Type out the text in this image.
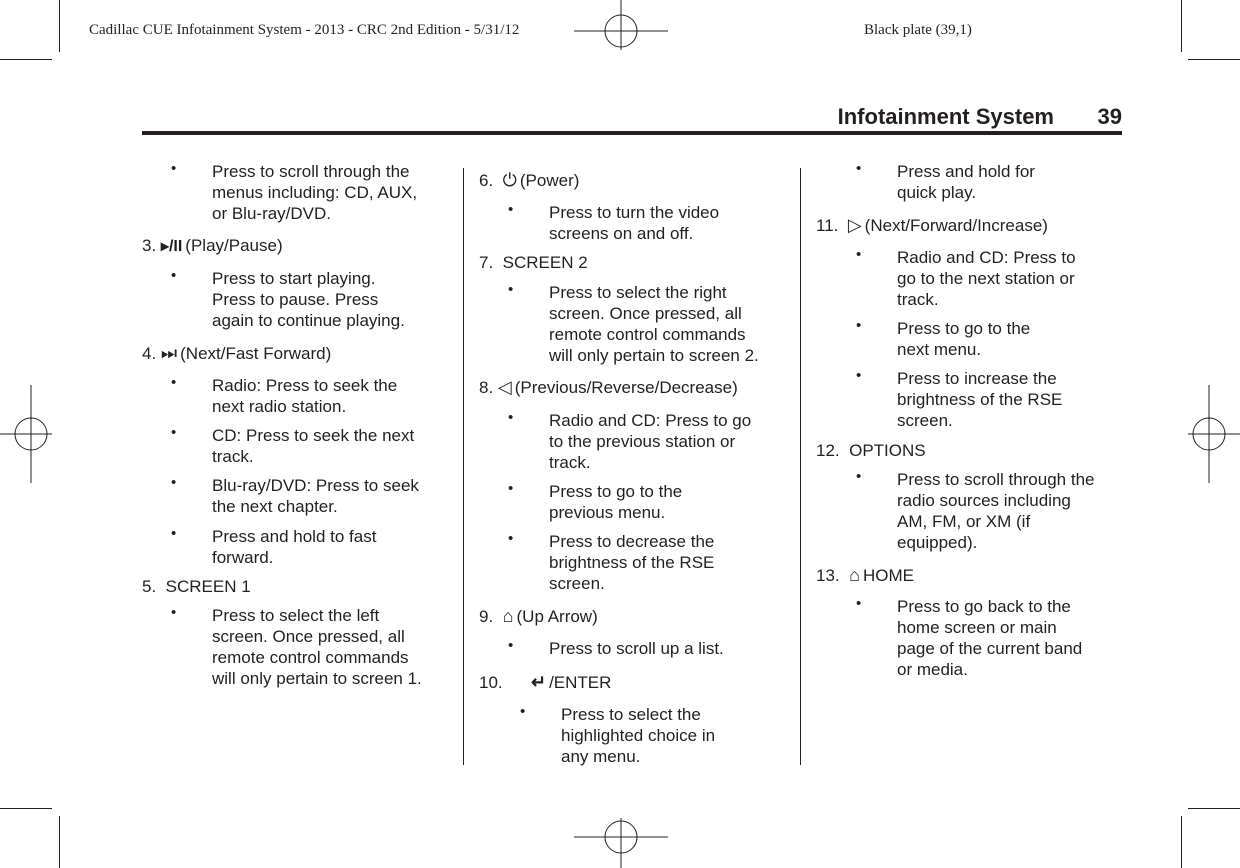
Cadillac CUE Infotainment System - 2013 - CRC 2nd Edition - 5/31/12	Black plate (39,1)
Infotainment System 39
• Press to scroll through the
menus including: CD, AUX,
or Blu-ray/DVD.
3. ▸/II (Play/Pause)
• Press to start playing.
Press to pause. Press
again to continue playing.
4. ⏭ (Next/Fast Forward)
• Radio: Press to seek the
next radio station.
• CD: Press to seek the next
track.
• Blu-ray/DVD: Press to seek
the next chapter.
• Press and hold to fast
forward.
5. SCREEN 1
• Press to select the left
screen. Once pressed, all
remote control commands
will only pertain to screen 1.
6. ⏻ (Power)
• Press to turn the video
screens on and off.
7. SCREEN 2
• Press to select the right
screen. Once pressed, all
remote control commands
will only pertain to screen 2.
8. ◁ (Previous/Reverse/Decrease)
• Radio and CD: Press to go
to the previous station or
track.
• Press to go to the
previous menu.
• Press to decrease the
brightness of the RSE
screen.
9. ⌂ (Up Arrow)
• Press to scroll up a list.
10. ↵ /ENTER
• Press to select the
highlighted choice in
any menu.
• Press and hold for
quick play.
11. ▷ (Next/Forward/Increase)
• Radio and CD: Press to
go to the next station or
track.
• Press to go to the
next menu.
• Press to increase the
brightness of the RSE
screen.
12. OPTIONS
• Press to scroll through the
radio sources including
AM, FM, or XM (if
equipped).
13. ⌂ HOME
• Press to go back to the
home screen or main
page of the current band
or media.
